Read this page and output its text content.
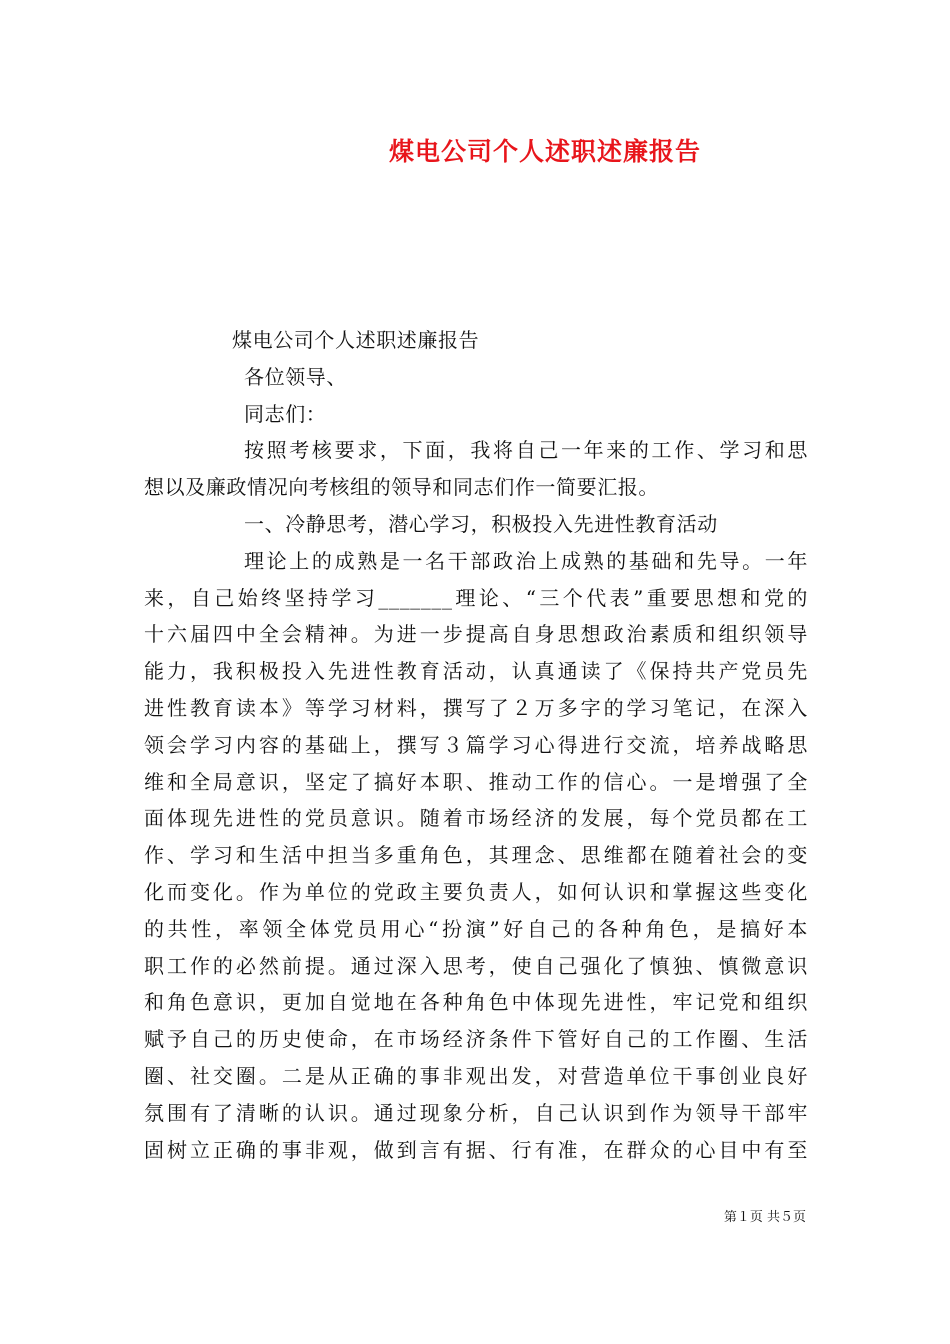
煤电公司个人述职述廉报告
煤电公司个人述职述廉报告
各位领导、
同志们：
按照考核要求，下面，我将自己一年来的工作、学习和思
想以及廉政情况向考核组的领导和同志们作一简要汇报。
一、冷静思考，潜心学习，积极投入先进性教育活动
理论上的成熟是一名干部政治上成熟的基础和先导。一年
来，自己始终坚持学习_______理论、“三个代表”重要思想和党的
十六届四中全会精神。为进一步提高自身思想政治素质和组织领导
能力，我积极投入先进性教育活动，认真通读了《保持共产党员先
进性教育读本》等学习材料，撰写了２万多字的学习笔记，在深入
领会学习内容的基础上，撰写３篇学习心得进行交流，培养战略思
维和全局意识，坚定了搞好本职、推动工作的信心。一是增强了全
面体现先进性的党员意识。随着市场经济的发展，每个党员都在工
作、学习和生活中担当多重角色，其理念、思维都在随着社会的变
化而变化。作为单位的党政主要负责人，如何认识和掌握这些变化
的共性，率领全体党员用心“扮演”好自己的各种角色，是搞好本
职工作的必然前提。通过深入思考，使自己强化了慎独、慎微意识
和角色意识，更加自觉地在各种角色中体现先进性，牢记党和组织
赋予自己的历史使命，在市场经济条件下管好自己的工作圈、生活
圈、社交圈。二是从正确的事非观出发，对营造单位干事创业良好
氛围有了清晰的认识。通过现象分析，自己认识到作为领导干部牢
固树立正确的事非观，做到言有据、行有准，在群众的心目中有至
第１页 共５页
